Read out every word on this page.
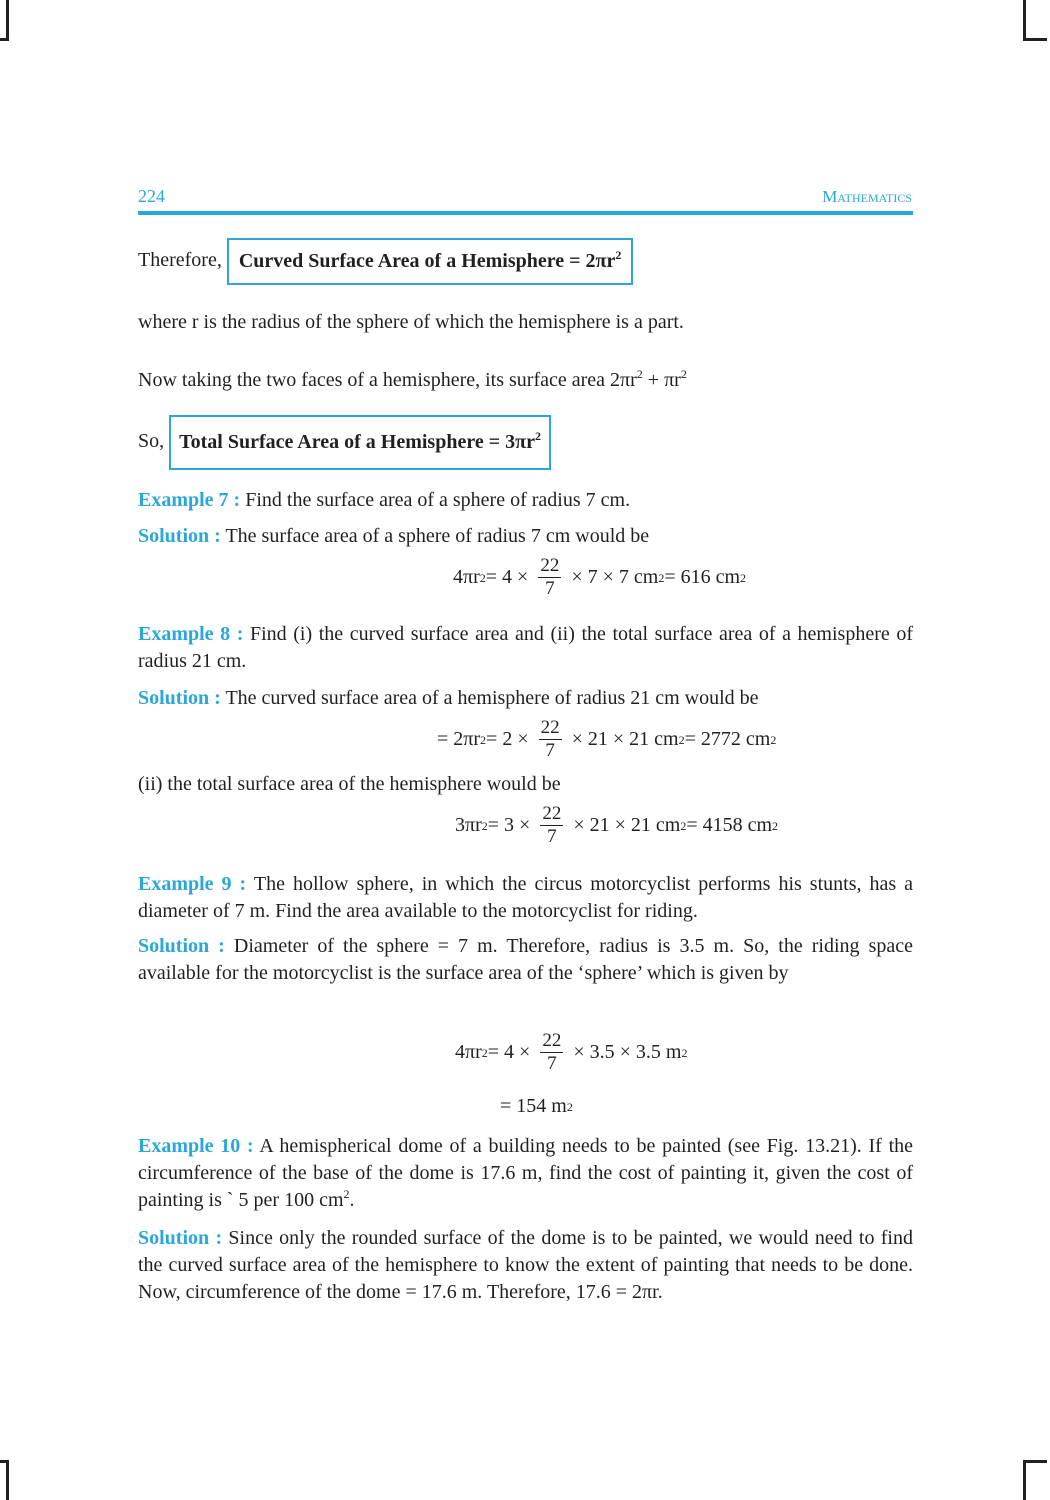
224	Mathematics
Therefore, Curved Surface Area of a Hemisphere = $2\pi r^2$
where r is the radius of the sphere of which the hemisphere is a part.
Now taking the two faces of a hemisphere, its surface area $2\pi r^2 + \pi r^2$
So, Total Surface Area of a Hemisphere = $3\pi r^2$
Example 7 : Find the surface area of a sphere of radius 7 cm.
Solution : The surface area of a sphere of radius 7 cm would be
4πr $2 = 4 \times \frac{22}{7} \times 7 \times 7$ cm 2 = 616 cm 2
Example 8 : Find (i) the curved surface area and (ii) the total surface area of a hemisphere of radius 21 cm.
Solution : The curved surface area of a hemisphere of radius 21 cm would be
= 2πr $2 = 2 \times \frac{22}{7} \times 21 \times 21$ cm 2 = 2772 cm 2
(ii) the total surface area of the hemisphere would be
3πr $2 = 3 \times \frac{22}{7} \times 21 \times 21$ cm 2 = 4158 cm 2
Example 9 : The hollow sphere, in which the circus motorcyclist performs his stunts, has a diameter of 7 m. Find the area available to the motorcyclist for riding.
Solution : Diameter of the sphere = 7 m. Therefore, radius is 3.5 m. So, the riding space available for the motorcyclist is the surface area of the ‘sphere’ which is given by
4πr $2 = 4 \times \frac{22}{7} \times 3.5 \times 3.5$ m 2
= 154 m 2
Example 10 : A hemispherical dome of a building needs to be painted (see Fig. 13.21). If the circumference of the base of the dome is 17.6 m, find the cost of painting it, given the cost of painting is ` 5 per 100 $cm^2$.
Solution : Since only the rounded surface of the dome is to be painted, we would need to find the curved surface area of the hemisphere to know the extent of painting that needs to be done. Now, circumference of the dome = 17.6 m. Therefore, 17.6 = 2πr.
